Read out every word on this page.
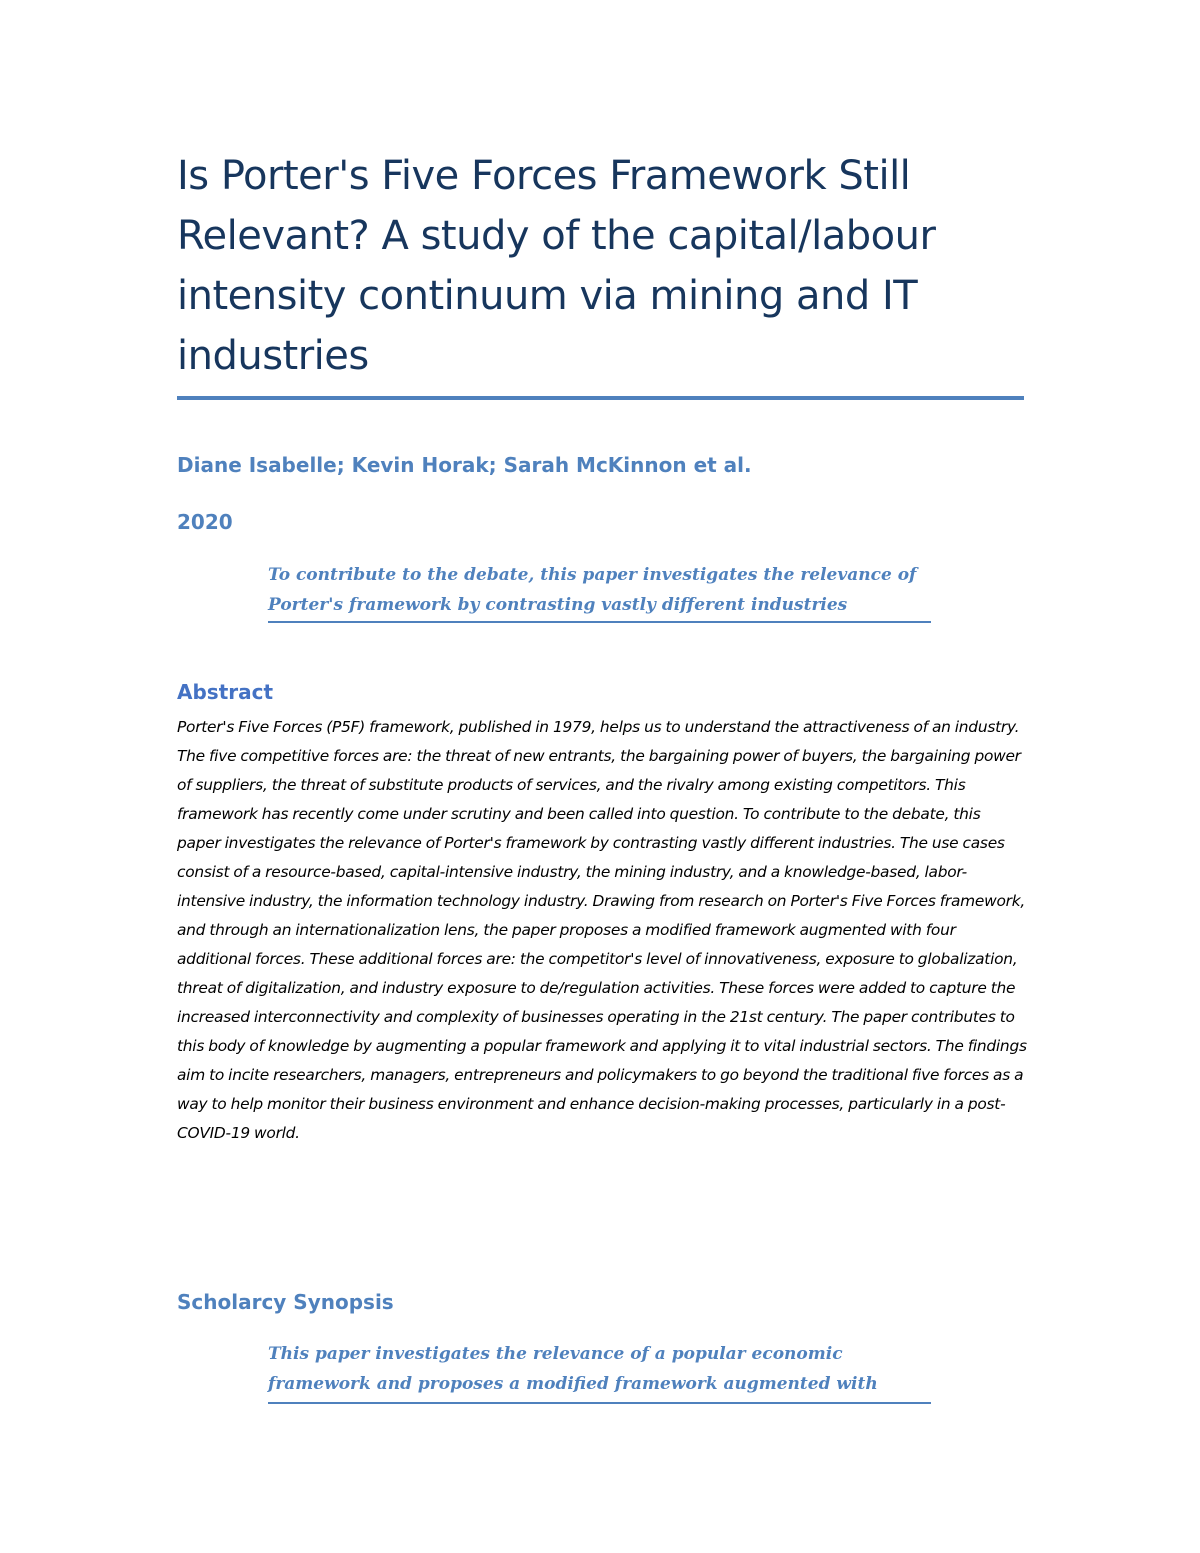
Is Porter's Five Forces Framework Still Relevant? A study of the capital/labour intensity continuum via mining and IT industries

Diane Isabelle; Kevin Horak; Sarah McKinnon et al.

2020

To contribute to the debate, this paper investigates the relevance of Porter's framework by contrasting vastly different industries

Abstract

Porter's Five Forces (P5F) framework, published in 1979, helps us to understand the attractiveness of an industry. The five competitive forces are: the threat of new entrants, the bargaining power of buyers, the bargaining power of suppliers, the threat of substitute products of services, and the rivalry among existing competitors. This framework has recently come under scrutiny and been called into question. To contribute to the debate, this paper investigates the relevance of Porter's framework by contrasting vastly different industries. The use cases consist of a resource-based, capital-intensive industry, the mining industry, and a knowledge-based, labor-intensive industry, the information technology industry. Drawing from research on Porter's Five Forces framework, and through an internationalization lens, the paper proposes a modified framework augmented with four additional forces. These additional forces are: the competitor's level of innovativeness, exposure to globalization, threat of digitalization, and industry exposure to de/regulation activities. These forces were added to capture the increased interconnectivity and complexity of businesses operating in the 21st century. The paper contributes to this body of knowledge by augmenting a popular framework and applying it to vital industrial sectors. The findings aim to incite researchers, managers, entrepreneurs and policymakers to go beyond the traditional five forces as a way to help monitor their business environment and enhance decision-making processes, particularly in a post-COVID-19 world.

Scholarcy Synopsis

This paper investigates the relevance of a popular economic framework and proposes a modified framework augmented with
